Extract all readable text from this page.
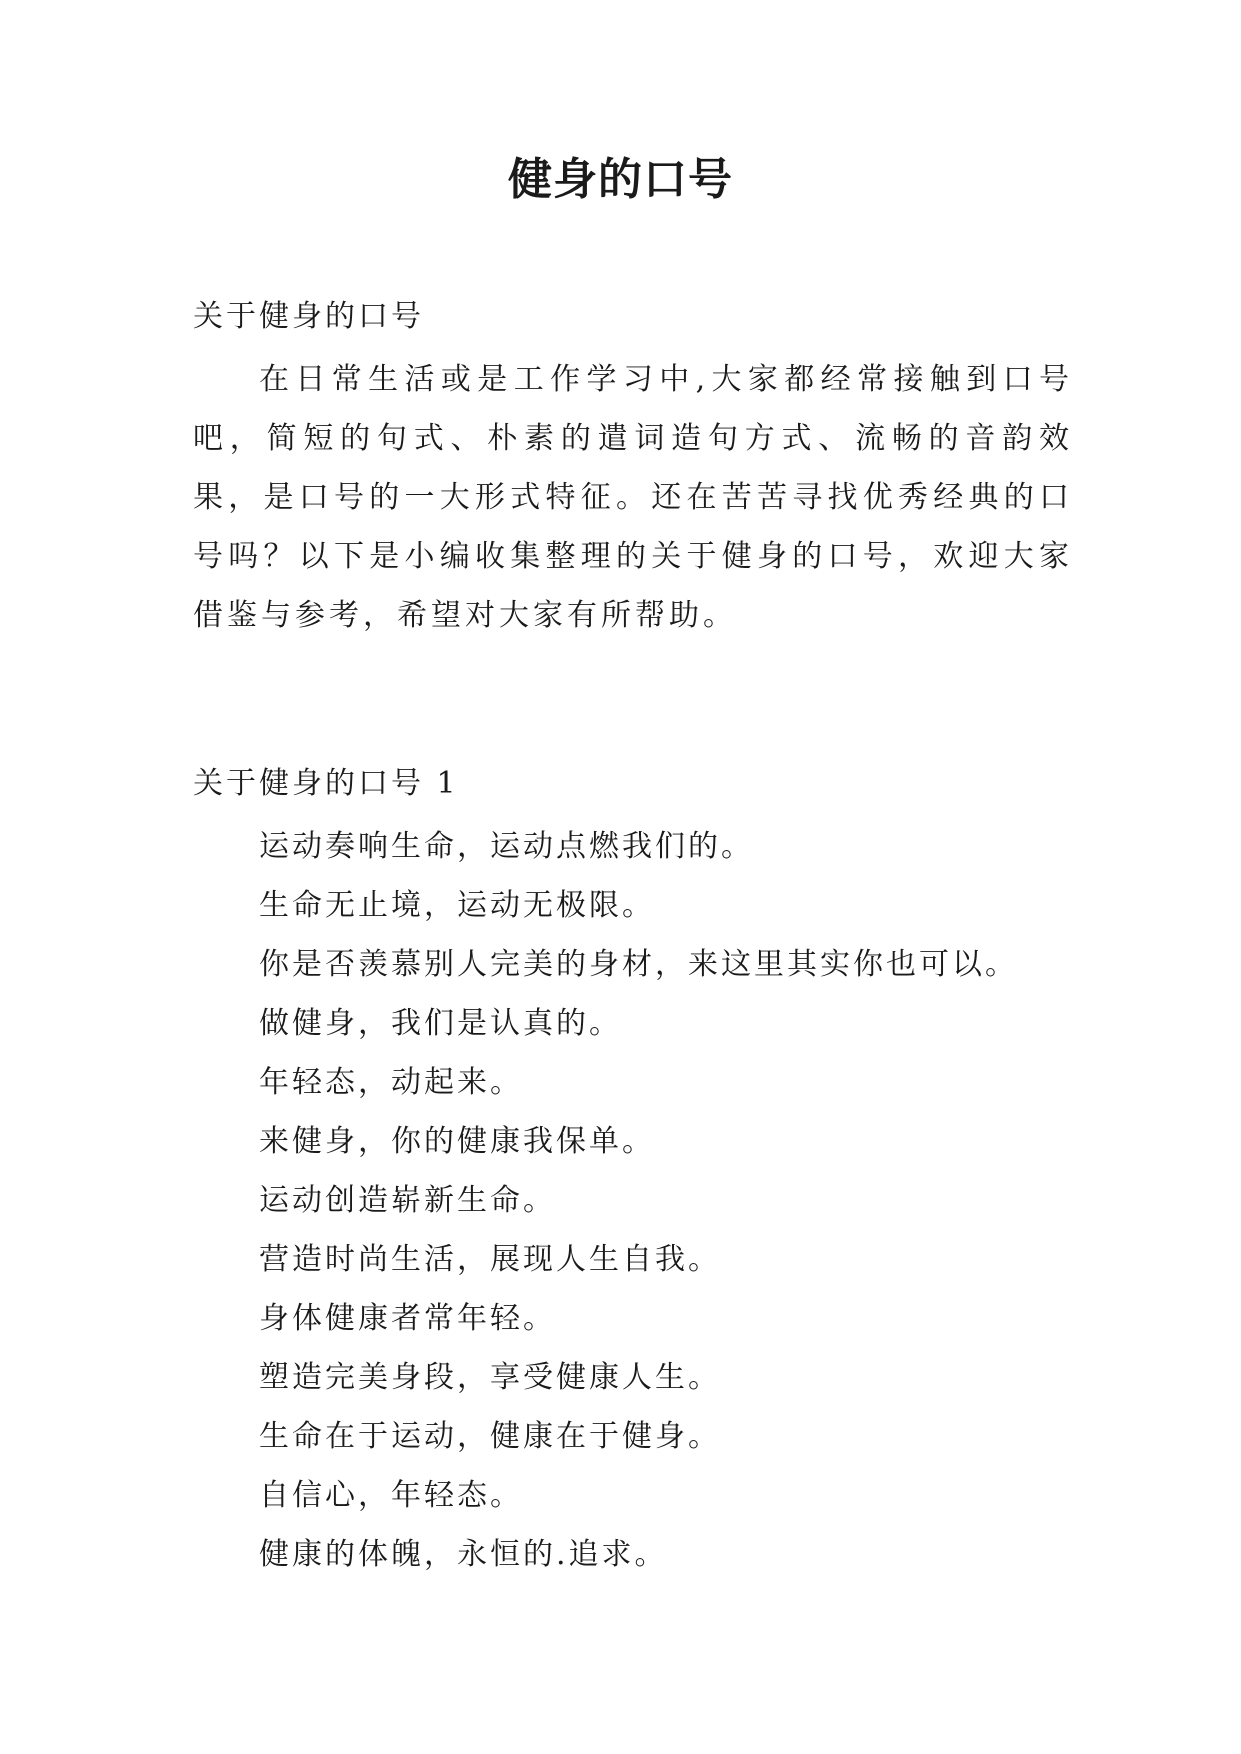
健身的口号
关于健身的口号

在日常生活或是工作学习中,大家都经常接触到口号吧，简短的句式、朴素的遣词造句方式、流畅的音韵效果，是口号的一大形式特征。还在苦苦寻找优秀经典的口号吗？以下是小编收集整理的关于健身的口号，欢迎大家借鉴与参考，希望对大家有所帮助。

关于健身的口号 1
运动奏响生命，运动点燃我们的。
生命无止境，运动无极限。
你是否羡慕别人完美的身材，来这里其实你也可以。
做健身，我们是认真的。
年轻态，动起来。
来健身，你的健康我保单。
运动创造崭新生命。
营造时尚生活，展现人生自我。
身体健康者常年轻。
塑造完美身段，享受健康人生。
生命在于运动，健康在于健身。
自信心，年轻态。
健康的体魄，永恒的.追求。
